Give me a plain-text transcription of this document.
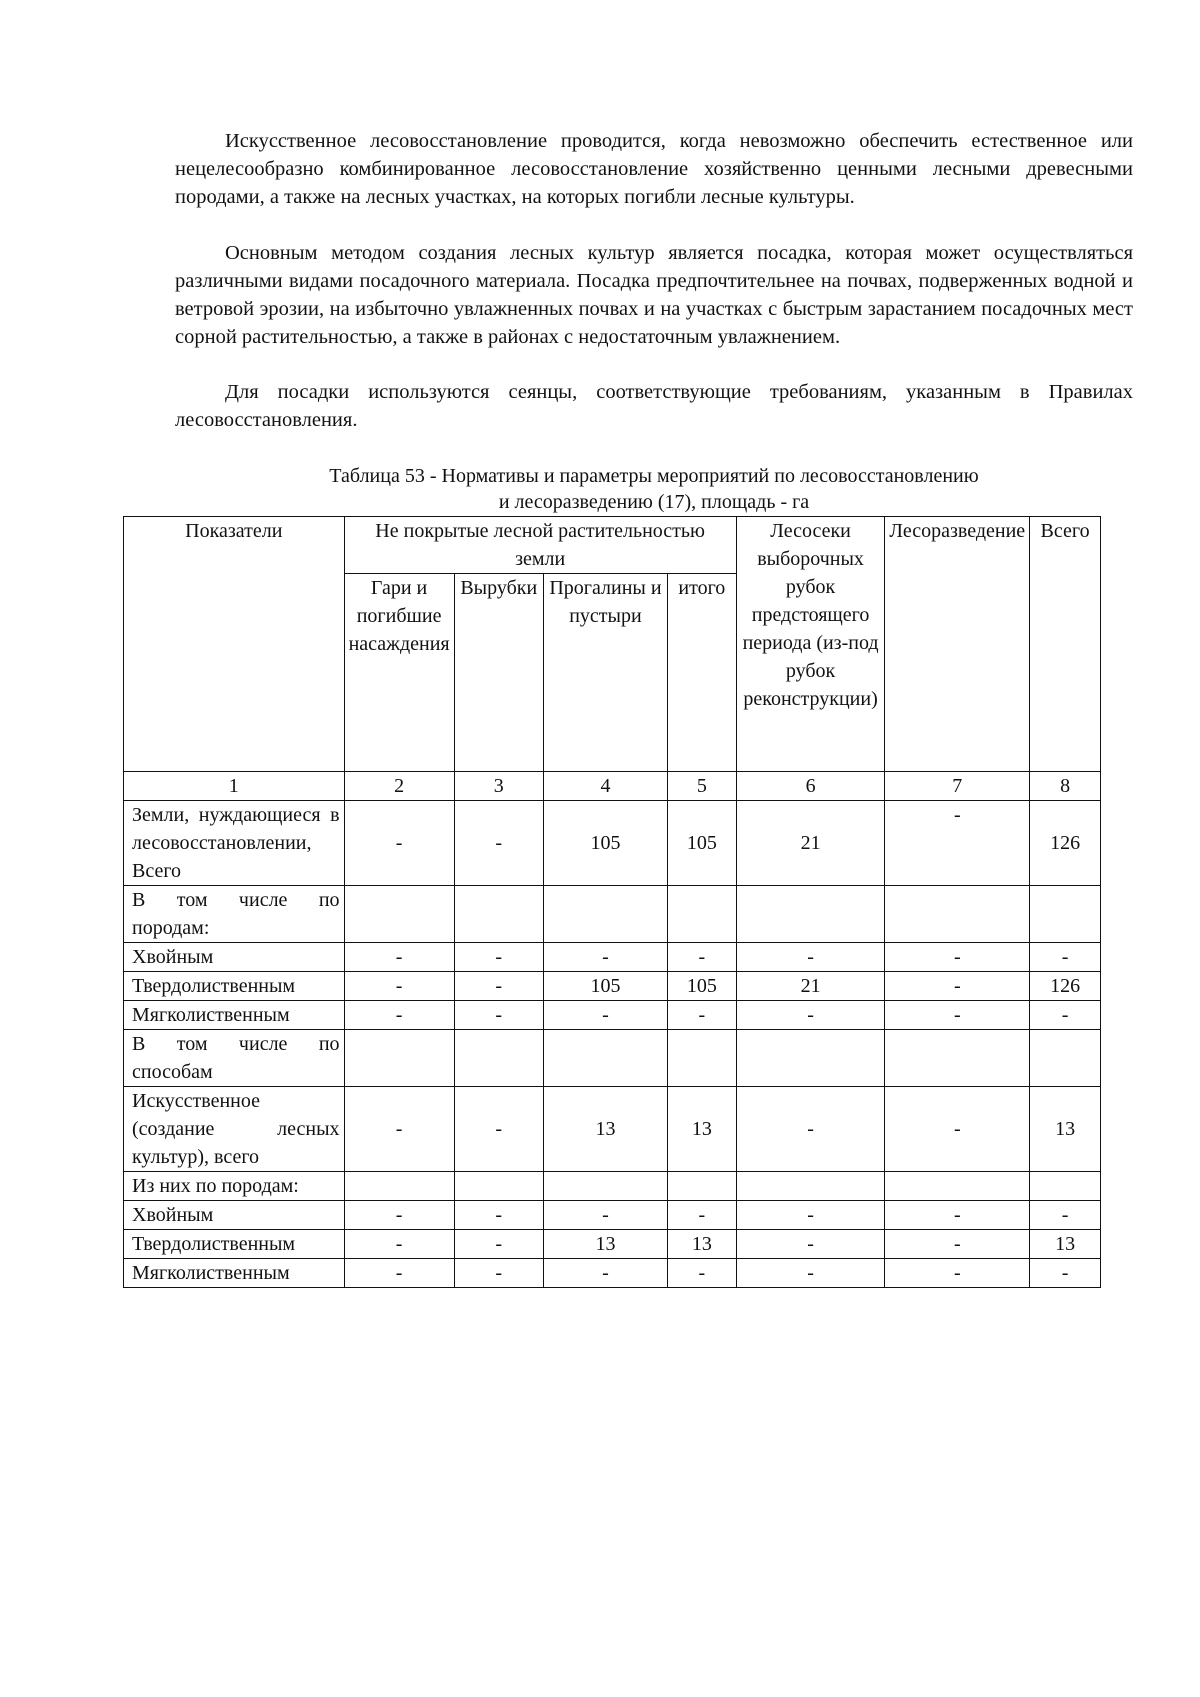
Искусственное лесовосстановление проводится, когда невозможно обеспечить естественное или нецелесообразно комбинированное лесовосстановление хозяйственно ценными лесными древесными породами, а также на лесных участках, на которых погибли лесные культуры.

Основным методом создания лесных культур является посадка, которая может осуществляться различными видами посадочного материала. Посадка предпочтительнее на почвах, подверженных водной и ветровой эрозии, на избыточно увлажненных почвах и на участках с быстрым зарастанием посадочных мест сорной растительностью, а также в районах с недостаточным увлажнением.

Для посадки используются сеянцы, соответствующие требованиям, указанным в Правилах лесовосстановления.

Таблица 53 - Нормативы и параметры мероприятий по лесовосстановлению
и лесоразведению (17), площадь - га
Показатели	Не покрытые лесной растительностью земли				Лесосеки выборочных рубок предстоящего периода (из-под рубок реконструкции)	Лесоразведение	Всего
	Гари и погибшие насаждения	Вырубки	Прогалины и пустыри	итого			
1	2	3	4	5	6	7	8

Земли, нуждающиеся в лесовосстановлении, Всего	-	-	105	105	21	-	126

В том числе по породам:							

Хвойным	-	-	-	-	-	-	-
Твердолиственным	-	-	105	105	21	-	126
Мягколиственным	-	-	-	-	-	-	-

В том числе по способам							

Искусственное (создание лесных культур), всего	-	-	13	13	-	-	13
Из них по породам:							
Хвойным	-	-	-	-	-	-	-
Твердолиственным	-	-	13	13	-	-	13
Мягколиственным	-	-	-	-	-	-	-
